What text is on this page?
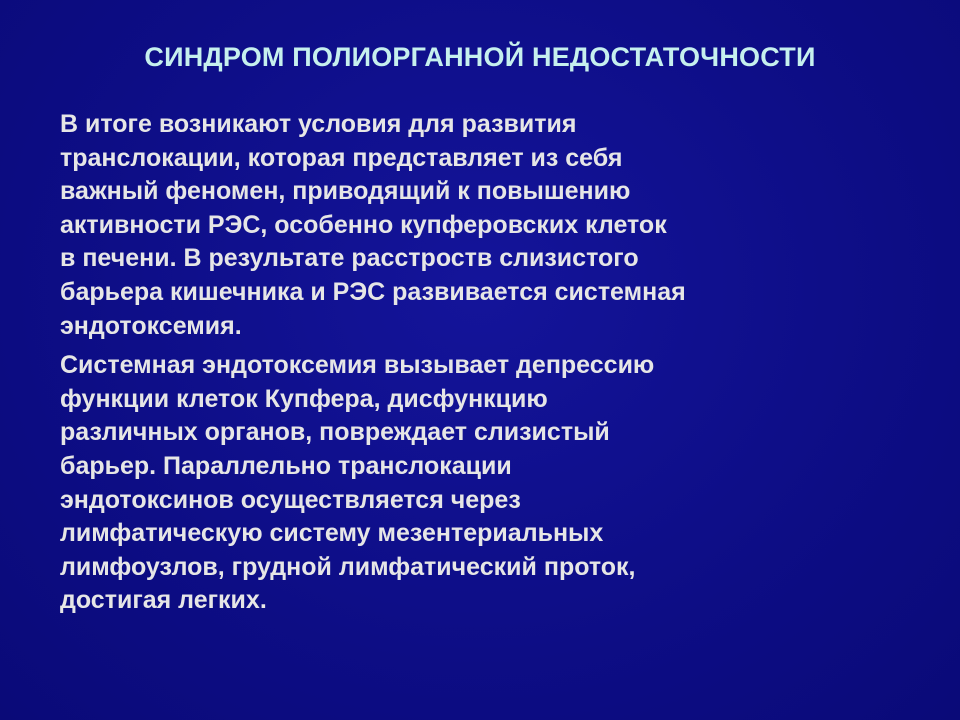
СИНДРОМ ПОЛИОРГАННОЙ НЕДОСТАТОЧНОСТИ

В итоге возникают условия для развития
транслокации, которая представляет из себя
важный феномен, приводящий к повышению
активности РЭС, особенно купферовских клеток
в печени. В результате расстроств слизистого
барьера кишечника и РЭС развивается системная
эндотоксемия.

Системная эндотоксемия вызывает депрессию
функции клеток Купфера, дисфункцию
различных органов, повреждает слизистый
барьер. Параллельно транслокации
эндотоксинов осуществляется через
лимфатическую систему мезентериальных
лимфоузлов, грудной лимфатический проток,
достигая легких.
